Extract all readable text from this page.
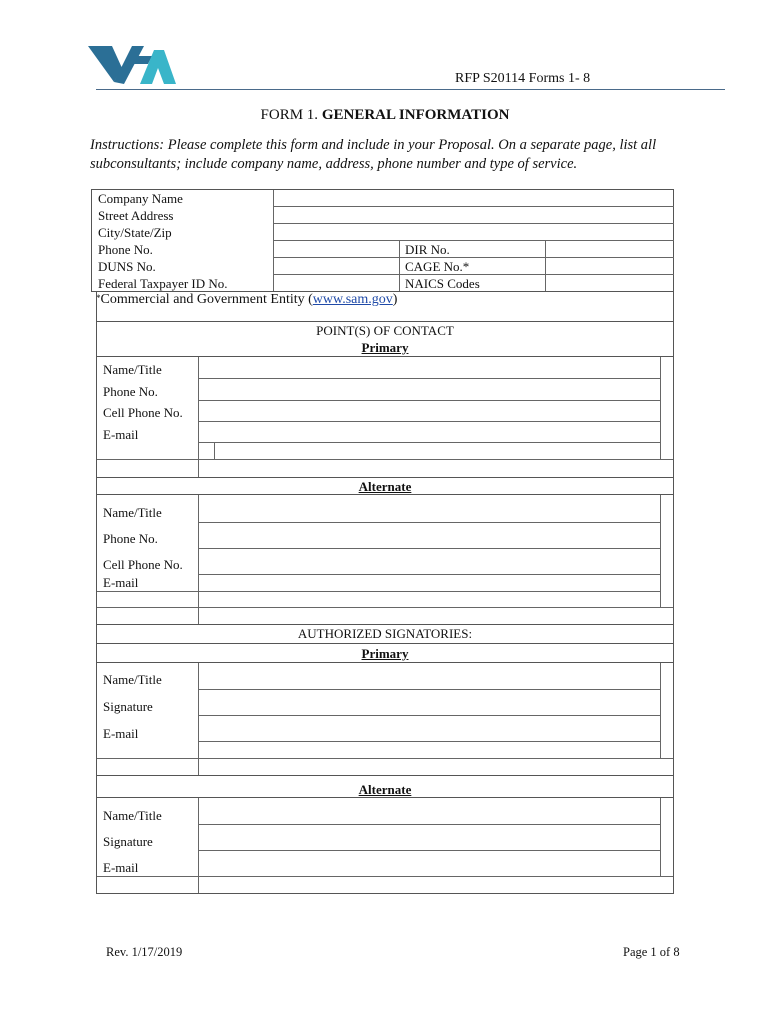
RFP S20114 Forms 1- 8
FORM 1. GENERAL INFORMATION
Instructions: Please complete this form and include in your Proposal. On a separate page, list all subconsultants; include company name, address, phone number and type of service.
Company Name
Street Address
City/State/Zip
Phone No.
DUNS No.
Federal Taxpayer ID No.
DIR No.
CAGE No.*
NAICS Codes
*Commercial and Government Entity (www.sam.gov)
POINT(S) OF CONTACT
Primary
Name/Title
Phone No.
Cell Phone No.
E-mail
Alternate
Name/Title
Phone No.
Cell Phone No.
E-mail
AUTHORIZED SIGNATORIES:
Primary
Name/Title
Signature
E-mail
Alternate
Name/Title
Signature
E-mail
Rev. 1/17/2019	Page 1 of 8
